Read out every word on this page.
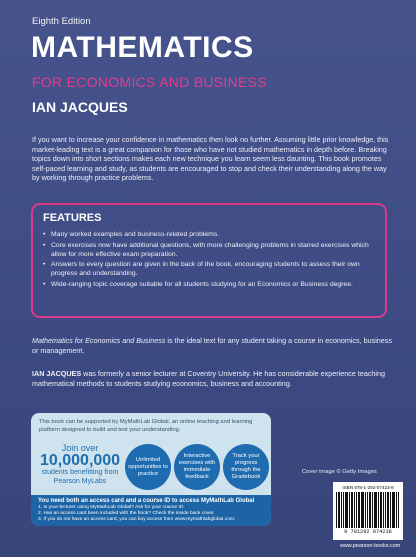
Eighth Edition
MATHEMATICS
FOR ECONOMICS AND BUSINESS
IAN JACQUES

If you want to increase your confidence in mathematics then look no further. Assuming little prior knowledge, this market-leading text is a great companion for those who have not studied mathematics in depth before. Breaking topics down into short sections makes each new technique you learn seem less daunting. This book promotes self-paced learning and study, as students are encouraged to stop and check their understanding along the way by working through practice problems.

FEATURES
• Many worked examples and business-related problems.
• Core exercises now have additional questions, with more challenging problems in starred exercises which allow for more effective exam preparation.
• Answers to every question are given in the back of the book, encouraging students to assess their own progress and understanding.
• Wide-ranging topic coverage suitable for all students studying for an Economics or Business degree.

Mathematics for Economics and Business is the ideal text for any student taking a course in economics, business or management.

IAN JACQUES was formerly a senior lecturer at Coventry University. He has considerable experience teaching mathematical methods to students studying economics, business and accounting.

This book can be supported by MyMathLab Global, an online teaching and learning platform designed to build and test your understanding.
Join over
10,000,000
students benefitting from Pearson MyLabs
Unlimited opportunities to practice
Interactive exercises with immediate feedback
Track your progress through the Gradebook
You need both an access card and a course ID to access MyMathLab Global
1. Is your lecturer using MyMathLab Global? Ask for your course ID.
2. Has an access card been included with the book? Check the inside back cover.
3. If you do not have an access card, you can buy access from www.mymathlabglobal.com.
Cover image © Getty Images
ISBN 978-1-292-07423-8
9 781292 074238
www.pearson-books.com
